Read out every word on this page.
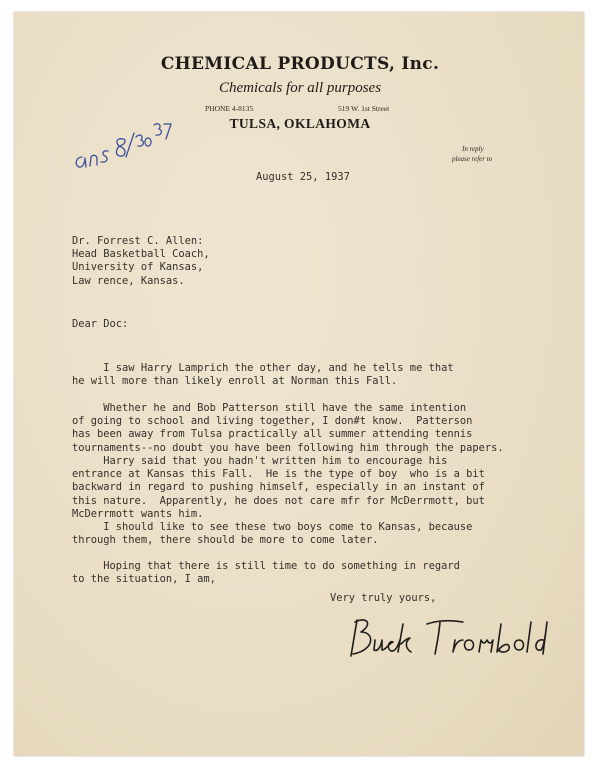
CHEMICAL PRODUCTS, Inc.
Chemicals for all purposes
PHONE 4-8135	519 W. 1st Street
TULSA, OKLAHOMA
In reply
please refer to
ans 8/30/37	August 25, 1937
Dr. Forrest C. Allen:
Head Basketball Coach,
University of Kansas,
Law rence, Kansas.
Dear Doc:
I saw Harry Lamprich the other day, and he tells me that
he will more than likely enroll at Norman this Fall.
Whether he and Bob Patterson still have the same intention
of going to school and living together, I don#t know.  Patterson
has been away from Tulsa practically all summer attending tennis
tournaments--no doubt you have been following him through the papers.
Harry said that you hadn't written him to encourage his
entrance at Kansas this Fall.  He is the type of boy  who is a bit
backward in regard to pushing himself, especially in an instant of
this nature.  Apparently, he does not care mfr for McDerrmott, but
McDerrmott wants him.
I should like to see these two boys come to Kansas, because
through them, there should be more to come later.
Hoping that there is still time to do something in regard
to the situation, I am,
Very truly yours,
Buck Trombold
